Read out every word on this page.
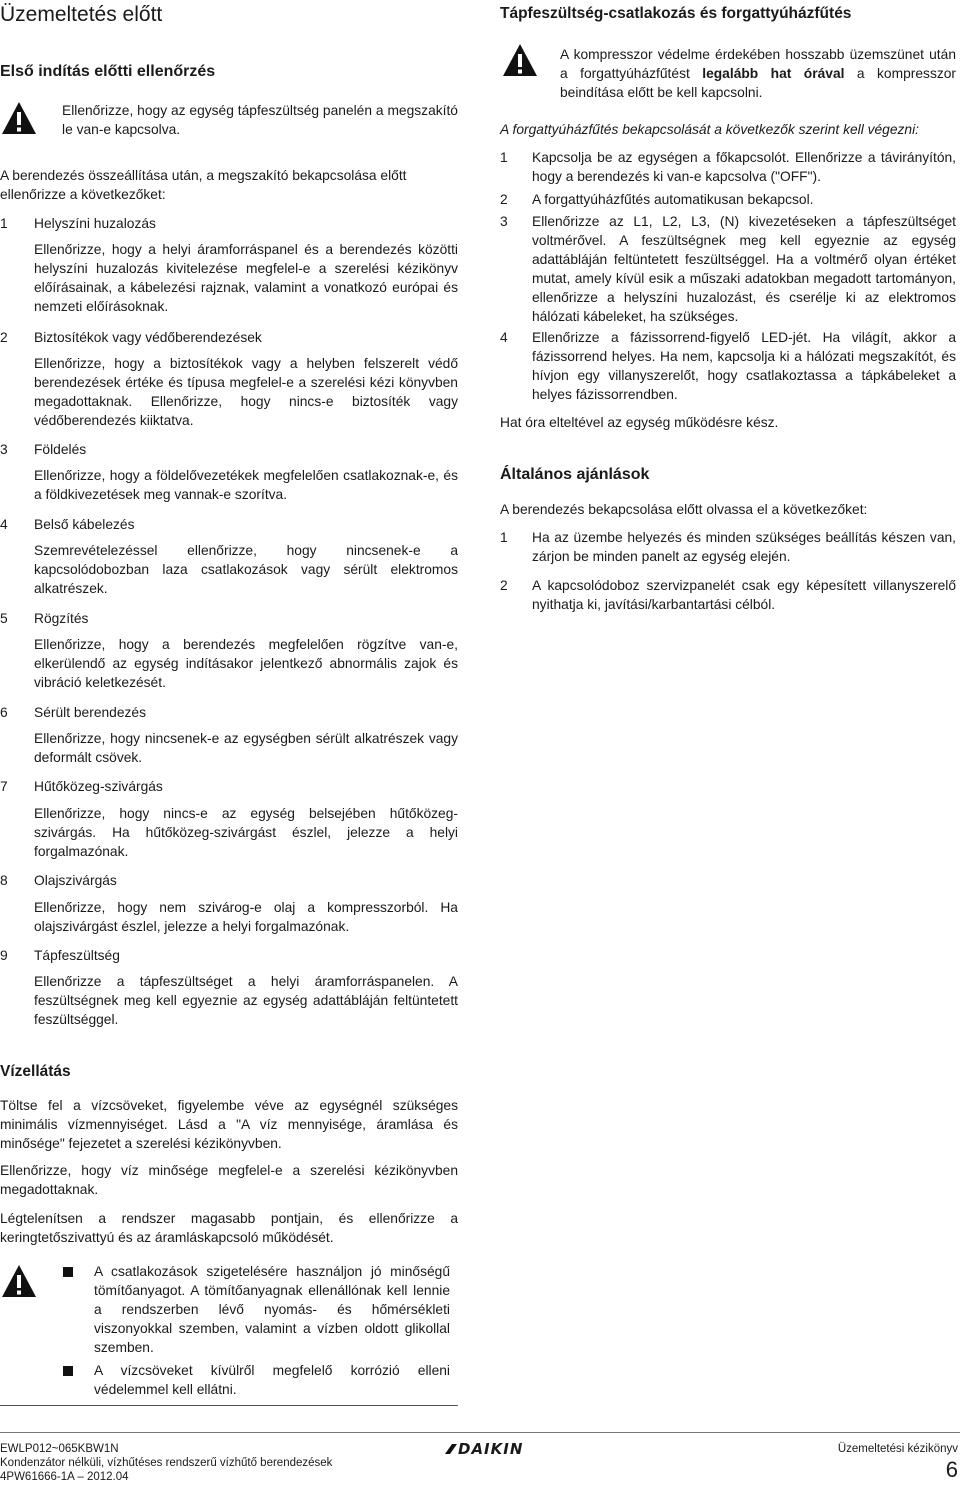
Üzemeltetés előtt	Tápfeszültség-csatlakozás és forgattyúházfűtés
Első indítás előtti ellenőrzés
Ellenőrizze, hogy az egység tápfeszültség panelén a megszakító le van-e kapcsolva.
A berendezés összeállítása után, a megszakító bekapcsolása előtt ellenőrizze a következőket:
1 Helyszíni huzalozás
Ellenőrizze, hogy a helyi áramforráspanel és a berendezés közötti helyszíni huzalozás kivitelezése megfelel-e a szerelési kézikönyv előírásainak, a kábelezési rajznak, valamint a vonatkozó európai és nemzeti előírásoknak.
2 Biztosítékok vagy védőberendezések
Ellenőrizze, hogy a biztosítékok vagy a helyben felszerelt védő berendezések értéke és típusa megfelel-e a szerelési kézi könyvben megadottaknak. Ellenőrizze, hogy nincs-e biztosíték vagy védőberendezés kiiktatva.
3 Földelés
Ellenőrizze, hogy a földelővezetékek megfelelően csatlakoznak-e, és a földkivezetések meg vannak-e szorítva.
4 Belső kábelezés
Szemrevételezéssel ellenőrizze, hogy nincsenek-e a kapcsolódobozban laza csatlakozások vagy sérült elektromos alkatrészek.
5 Rögzítés
Ellenőrizze, hogy a berendezés megfelelően rögzítve van-e, elkerülendő az egység indításakor jelentkező abnormális zajok és vibráció keletkezését.
6 Sérült berendezés
Ellenőrizze, hogy nincsenek-e az egységben sérült alkatrészek vagy deformált csövek.
7 Hűtőközeg-szivárgás
Ellenőrizze, hogy nincs-e az egység belsejében hűtőközeg-szivárgás. Ha hűtőközeg-szivárgást észlel, jelezze a helyi forgalmazónak.
8 Olajszivárgás
Ellenőrizze, hogy nem szivárog-e olaj a kompresszorból. Ha olajszivárgást észlel, jelezze a helyi forgalmazónak.
9 Tápfeszültség
Ellenőrizze a tápfeszültséget a helyi áramforráspanelen. A feszültségnek meg kell egyeznie az egység adattábláján feltüntetett feszültséggel.
Vízellátás
Töltse fel a vízcsöveket, figyelembe véve az egységnél szükséges minimális vízmennyiséget. Lásd a "A víz mennyisége, áramlása és minősége" fejezetet a szerelési kézikönyvben.
Ellenőrizze, hogy víz minősége megfelel-e a szerelési kézikönyvben megadottaknak.
Légtelenítsen a rendszer magasabb pontjain, és ellenőrizze a keringtetőszivattyú és az áramláskapcsoló működését.
A csatlakozások szigetelésére használjon jó minőségű tömítőanyagot. A tömítőanyagnak ellenállónak kell lennie a rendszerben lévő nyomás- és hőmérsékleti viszonyokkal szemben, valamint a vízben oldott glikollal szemben.
A vízcsöveket kívülről megfelelő korrózió elleni védelemmel kell ellátni.
A kompresszor védelme érdekében hosszabb üzemszünet után a forgattyúházfűtést legalább hat órával a kompresszor beindítása előtt be kell kapcsolni.
A forgattyúházfűtés bekapcsolását a következők szerint kell végezni:
1 Kapcsolja be az egységen a főkapcsolót. Ellenőrizze a távirányítón, hogy a berendezés ki van-e kapcsolva ("OFF").
2 A forgattyúházfűtés automatikusan bekapcsol.
3 Ellenőrizze az L1, L2, L3, (N) kivezetéseken a tápfeszültséget voltmérővel. A feszültségnek meg kell egyeznie az egység adattábláján feltüntetett feszültséggel. Ha a voltmérő olyan értéket mutat, amely kívül esik a műszaki adatokban megadott tartományon, ellenőrizze a helyszíni huzalozást, és cserélje ki az elektromos hálózati kábeleket, ha szükséges.
4 Ellenőrizze a fázissorrend-figyelő LED-jét. Ha világít, akkor a fázissorrend helyes. Ha nem, kapcsolja ki a hálózati megszakítót, és hívjon egy villanyszerelőt, hogy csatlakoztassa a tápkábeleket a helyes fázissorrendben.
Hat óra elteltével az egység működésre kész.
Általános ajánlások
A berendezés bekapcsolása előtt olvassa el a következőket:
1 Ha az üzembe helyezés és minden szükséges beállítás készen van, zárjon be minden panelt az egység elején.
2 A kapcsolódoboz szervizpanelét csak egy képesített villanyszerelő nyithatja ki, javítási/karbantartási célból.
EWLP012~065KBW1N
Kondenzátor nélküli, vízhűtéses rendszerű vízhűtő berendezések
4PW61666-1A – 2012.04
DAIKIN	Üzemeltetési kézikönyv
6
